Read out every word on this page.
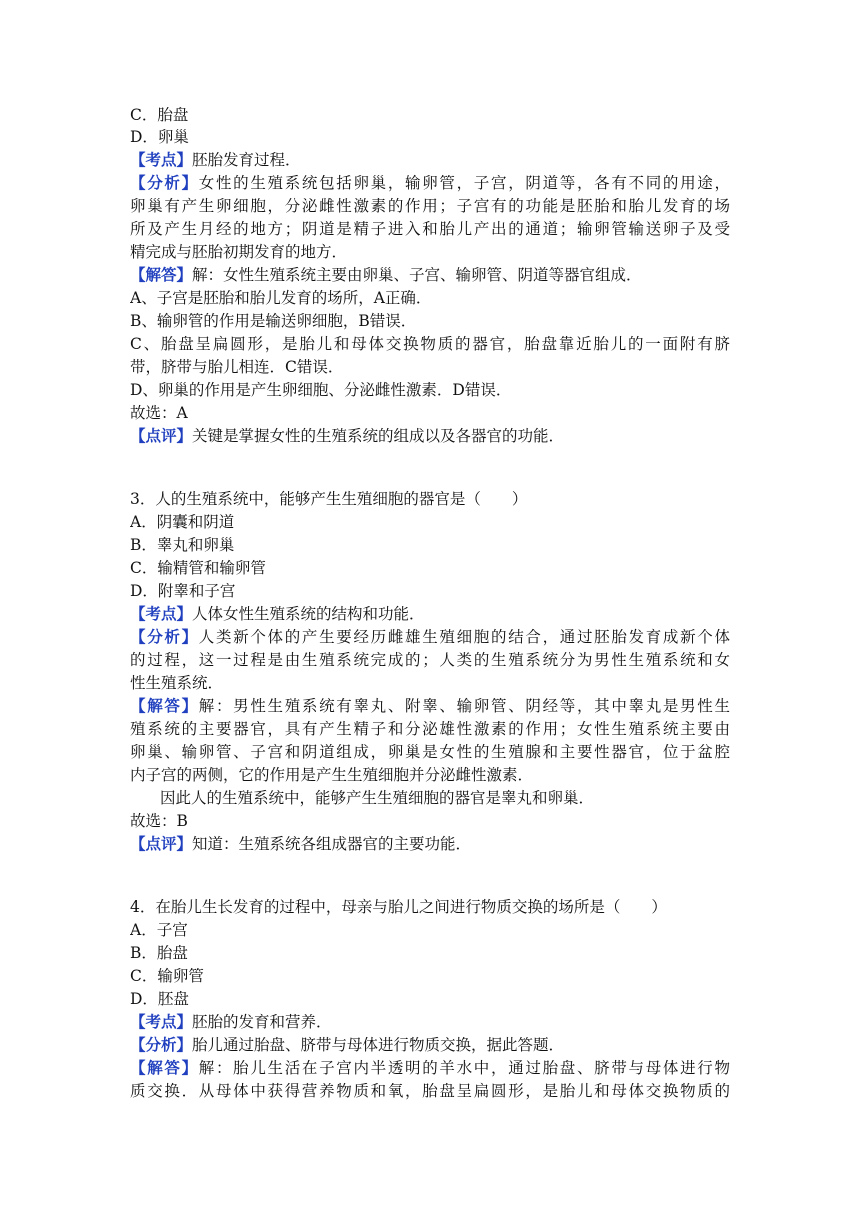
C．胎盘
D．卵巢
【考点】胚胎发育过程．
【分析】女性的生殖系统包括卵巢，输卵管，子宫，阴道等，各有不同的用途，
卵巢有产生卵细胞，分泌雌性激素的作用；子宫有的功能是胚胎和胎儿发育的场
所及产生月经的地方；阴道是精子进入和胎儿产出的通道；输卵管输送卵子及受
精完成与胚胎初期发育的地方．
【解答】解：女性生殖系统主要由卵巢、子宫、输卵管、阴道等器官组成．
A、子宫是胚胎和胎儿发育的场所，A正确．
B、输卵管的作用是输送卵细胞，B错误．
C、胎盘呈扁圆形，是胎儿和母体交换物质的器官，胎盘靠近胎儿的一面附有脐
带，脐带与胎儿相连．C错误．
D、卵巢的作用是产生卵细胞、分泌雌性激素．D错误．
故选：A
【点评】关键是掌握女性的生殖系统的组成以及各器官的功能．
3．人的生殖系统中，能够产生生殖细胞的器官是（　　）
A．阴囊和阴道
B．睾丸和卵巢
C．输精管和输卵管
D．附睾和子宫
【考点】人体女性生殖系统的结构和功能．
【分析】人类新个体的产生要经历雌雄生殖细胞的结合，通过胚胎发育成新个体
的过程，这一过程是由生殖系统完成的；人类的生殖系统分为男性生殖系统和女
性生殖系统．
【解答】解：男性生殖系统有睾丸、附睾、输卵管、阴经等，其中睾丸是男性生
殖系统的主要器官，具有产生精子和分泌雄性激素的作用；女性生殖系统主要由
卵巢、输卵管、子宫和阴道组成，卵巢是女性的生殖腺和主要性器官，位于盆腔
内子宫的两侧，它的作用是产生生殖细胞并分泌雌性激素．
因此人的生殖系统中，能够产生生殖细胞的器官是睾丸和卵巢．
故选：B
【点评】知道：生殖系统各组成器官的主要功能．
4．在胎儿生长发育的过程中，母亲与胎儿之间进行物质交换的场所是（　　）
A．子宫
B．胎盘
C．输卵管
D．胚盘
【考点】胚胎的发育和营养．
【分析】胎儿通过胎盘、脐带与母体进行物质交换，据此答题．
【解答】解：胎儿生活在子宫内半透明的羊水中，通过胎盘、脐带与母体进行物
质交换．从母体中获得营养物质和氧，胎盘呈扁圆形，是胎儿和母体交换物质的
